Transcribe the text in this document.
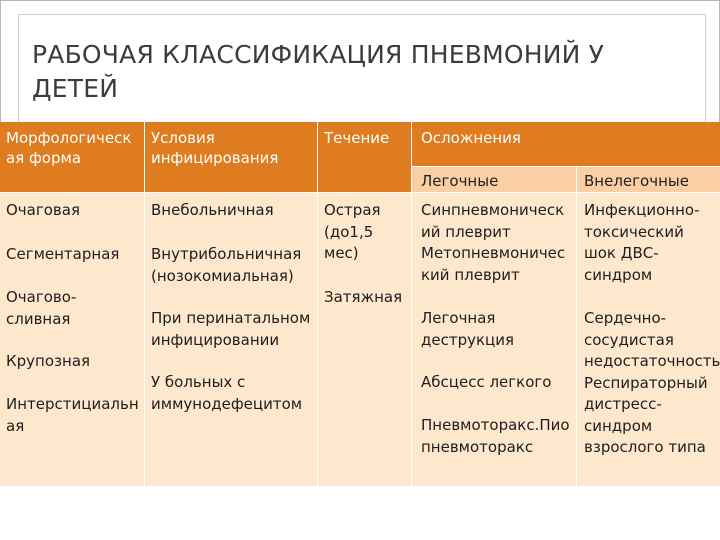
РАБОЧАЯ КЛАССИФИКАЦИЯ ПНЕВМОНИЙ У ДЕТЕЙ
Морфологическ ая форма
Условия инфицирования
Течение	Осложнения
Легочные	Внелегочные
Очаговая
Сегментарная
Очагово- сливная
Крупозная
Интерстициальн ая
Внебольничная
Внутрибольничная (нозокомиальная)
При перинатальном инфицировании
У больных с иммунодефецитом
Острая (до1,5 мес)
Затяжная
Синпневмоническ ий плеврит Метопневмоничес кий плеврит
Легочная деструкция
Абсцесс легкого
Пневмоторакс.Пио пневмоторакс
Инфекционно- токсический шок ДВС-синдром
Сердечно- сосудистая недостаточность Респираторный дистресс- синдром взрослого типа
